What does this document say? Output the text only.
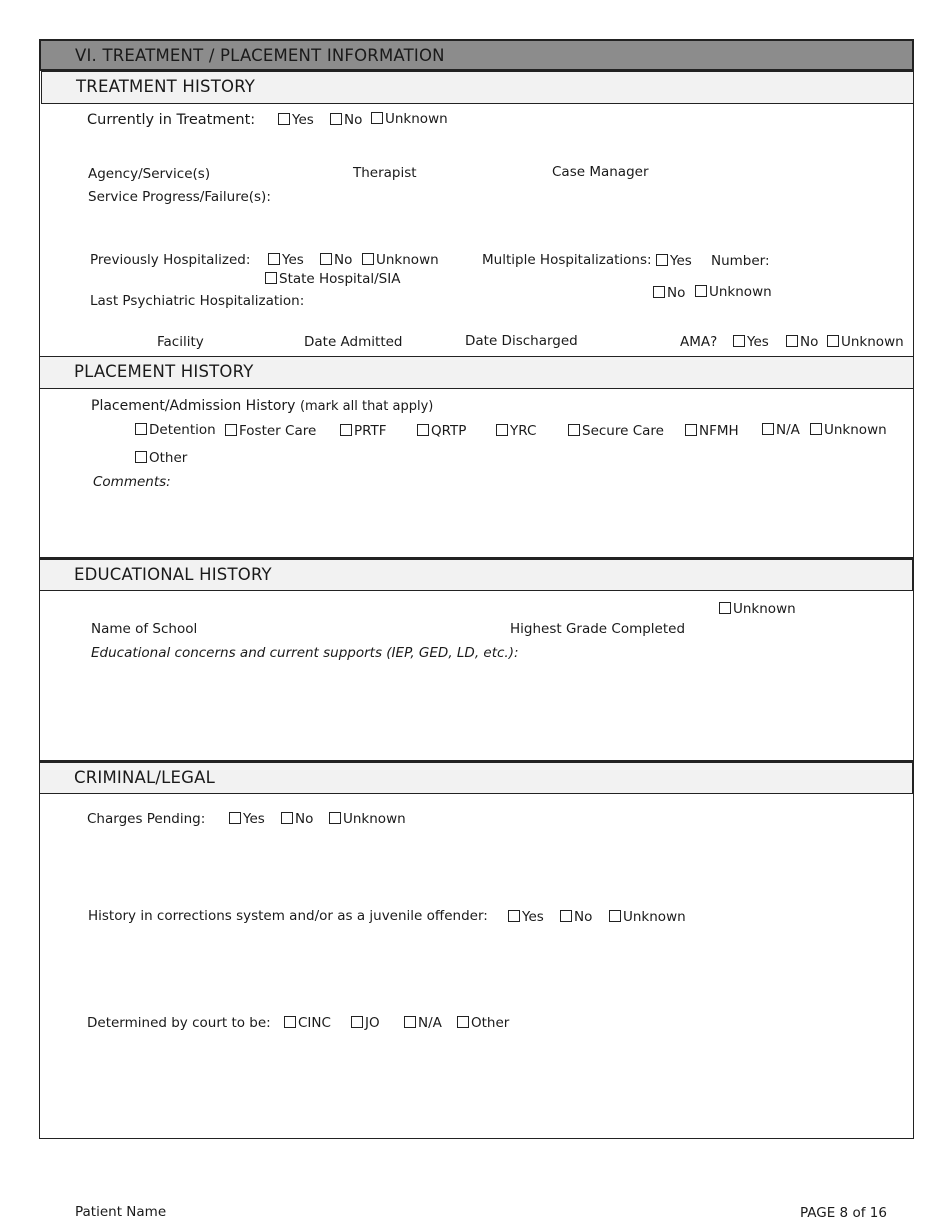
VI. TREATMENT / PLACEMENT INFORMATION
TREATMENT HISTORY
Currently in Treatment:	Yes	No	Unknown
Agency/Service(s)	Therapist	Case Manager
Service Progress/Failure(s):
Previously Hospitalized:	Yes	No	Unknown
State Hospital/SIA
Multiple Hospitalizations:	Yes Number:
No	Unknown
Last Psychiatric Hospitalization:
Facility	Date Admitted	Date Discharged	AMA?	Yes	No	Unknown
PLACEMENT HISTORY
Placement/Admission History (mark all that apply)
Detention	Foster Care	PRTF	QRTP	YRC	Secure Care	NFMH	N/A	Unknown
Other
Comments:
EDUCATIONAL HISTORY
Unknown
Name of School	Highest Grade Completed
Educational concerns and current supports (IEP, GED, LD, etc.):
CRIMINAL/LEGAL
Charges Pending:	Yes	No	Unknown
History in corrections system and/or as a juvenile offender:	Yes	No	Unknown
Determined by court to be:	CINC	JO	N/A	Other
Patient Name	PAGE 8 of 16
